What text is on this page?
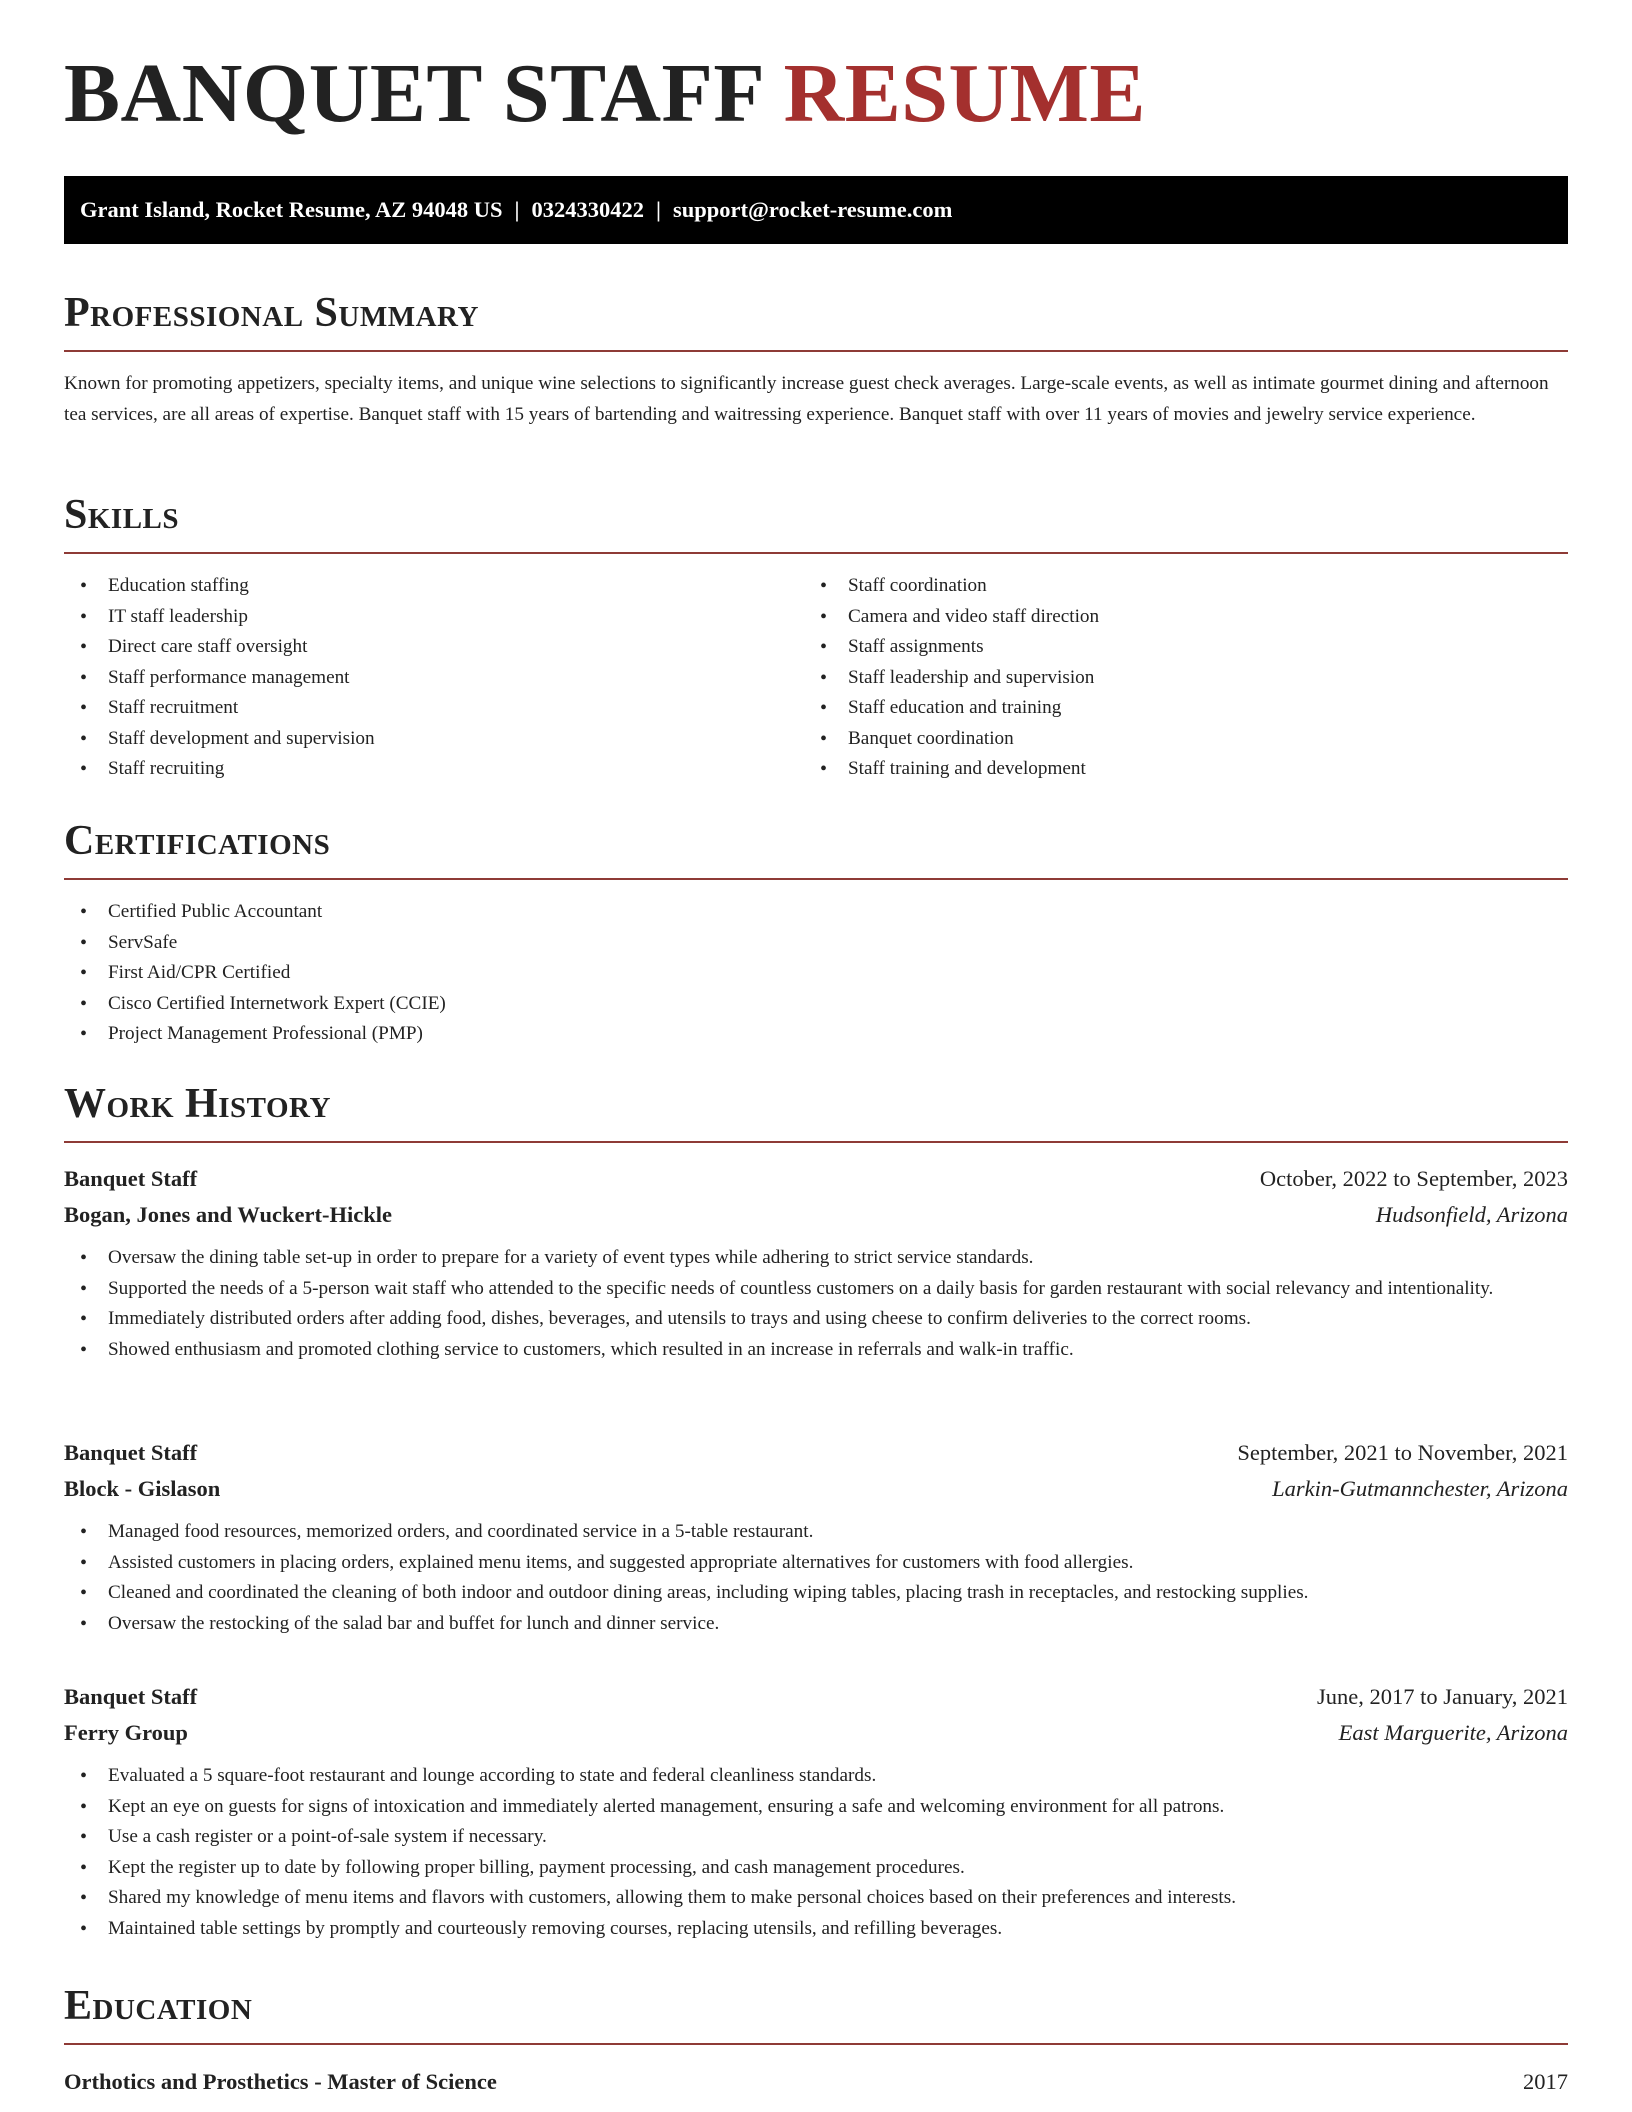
BANQUET STAFF RESUME
Grant Island, Rocket Resume, AZ 94048 US | 0324330422 | support@rocket-resume.com
Professional Summary

Known for promoting appetizers, specialty items, and unique wine selections to significantly increase guest check averages. Large-scale events, as well as intimate gourmet dining and afternoon tea services, are all areas of expertise. Banquet staff with 15 years of bartending and waitressing experience. Banquet staff with over 11 years of movies and jewelry service experience.

Skills
• Education staffing
• IT staff leadership
• Direct care staff oversight
• Staff performance management
• Staff recruitment
• Staff development and supervision
• Staff recruiting
• Staff coordination
• Camera and video staff direction
• Staff assignments
• Staff leadership and supervision
• Staff education and training
• Banquet coordination
• Staff training and development
Certifications
• Certified Public Accountant
• ServSafe
• First Aid/CPR Certified
• Cisco Certified Internetwork Expert (CCIE)
• Project Management Professional (PMP)
Work History
Banquet Staff	October, 2022 to September, 2023
Bogan, Jones and Wuckert-Hickle	Hudsonfield, Arizona
• Oversaw the dining table set-up in order to prepare for a variety of event types while adhering to strict service standards.
• Supported the needs of a 5-person wait staff who attended to the specific needs of countless customers on a daily basis for garden restaurant with social relevancy and intentionality.
• Immediately distributed orders after adding food, dishes, beverages, and utensils to trays and using cheese to confirm deliveries to the correct rooms.
• Showed enthusiasm and promoted clothing service to customers, which resulted in an increase in referrals and walk-in traffic.
Banquet Staff	September, 2021 to November, 2021
Block - Gislason	Larkin-Gutmannchester, Arizona
• Managed food resources, memorized orders, and coordinated service in a 5-table restaurant.
• Assisted customers in placing orders, explained menu items, and suggested appropriate alternatives for customers with food allergies.
• Cleaned and coordinated the cleaning of both indoor and outdoor dining areas, including wiping tables, placing trash in receptacles, and restocking supplies.
• Oversaw the restocking of the salad bar and buffet for lunch and dinner service.
Banquet Staff	June, 2017 to January, 2021
Ferry Group	East Marguerite, Arizona
• Evaluated a 5 square-foot restaurant and lounge according to state and federal cleanliness standards.
• Kept an eye on guests for signs of intoxication and immediately alerted management, ensuring a safe and welcoming environment for all patrons.
• Use a cash register or a point-of-sale system if necessary.
• Kept the register up to date by following proper billing, payment processing, and cash management procedures.
• Shared my knowledge of menu items and flavors with customers, allowing them to make personal choices based on their preferences and interests.
• Maintained table settings by promptly and courteously removing courses, replacing utensils, and refilling beverages.
Education
Orthotics and Prosthetics - Master of Science	2017
